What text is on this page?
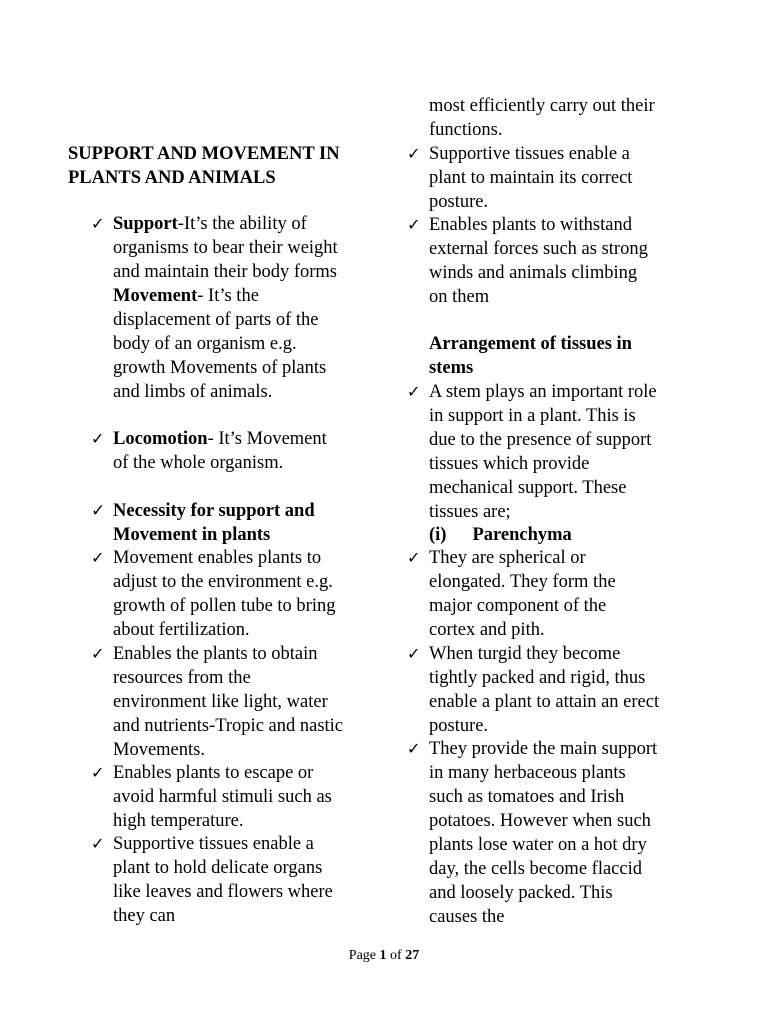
SUPPORT AND MOVEMENT IN PLANTS AND ANIMALS
✓ Support-It’s the ability of organisms to bear their weight and maintain their body forms
Movement- It’s the displacement of parts of the body of an organism e.g. growth Movements of plants and limbs of animals.
✓ Locomotion- It’s Movement of the whole organism.
✓ Necessity for support and Movement in plants
✓ Movement enables plants to adjust to the environment e.g. growth of pollen tube to bring about fertilization.
✓ Enables the plants to obtain resources from the environment like light, water and nutrients-Tropic and nastic Movements.
✓ Enables plants to escape or avoid harmful stimuli such as high temperature.
✓ Supportive tissues enable a plant to hold delicate organs like leaves and flowers where they can
most efficiently carry out their functions.
✓ Supportive tissues enable a plant to maintain its correct posture.
✓ Enables plants to withstand external forces such as strong winds and animals climbing on them
Arrangement of tissues in stems
✓ A stem plays an important role in support in a plant. This is due to the presence of support tissues which provide mechanical support. These tissues are;
(i) Parenchyma
✓ They are spherical or elongated. They form the major component of the cortex and pith.
✓ When turgid they become tightly packed and rigid, thus enable a plant to attain an erect posture.
✓ They provide the main support in many herbaceous plants such as tomatoes and Irish potatoes. However when such plants lose water on a hot dry day, the cells become flaccid and loosely packed. This causes the
Page 1 of 27
